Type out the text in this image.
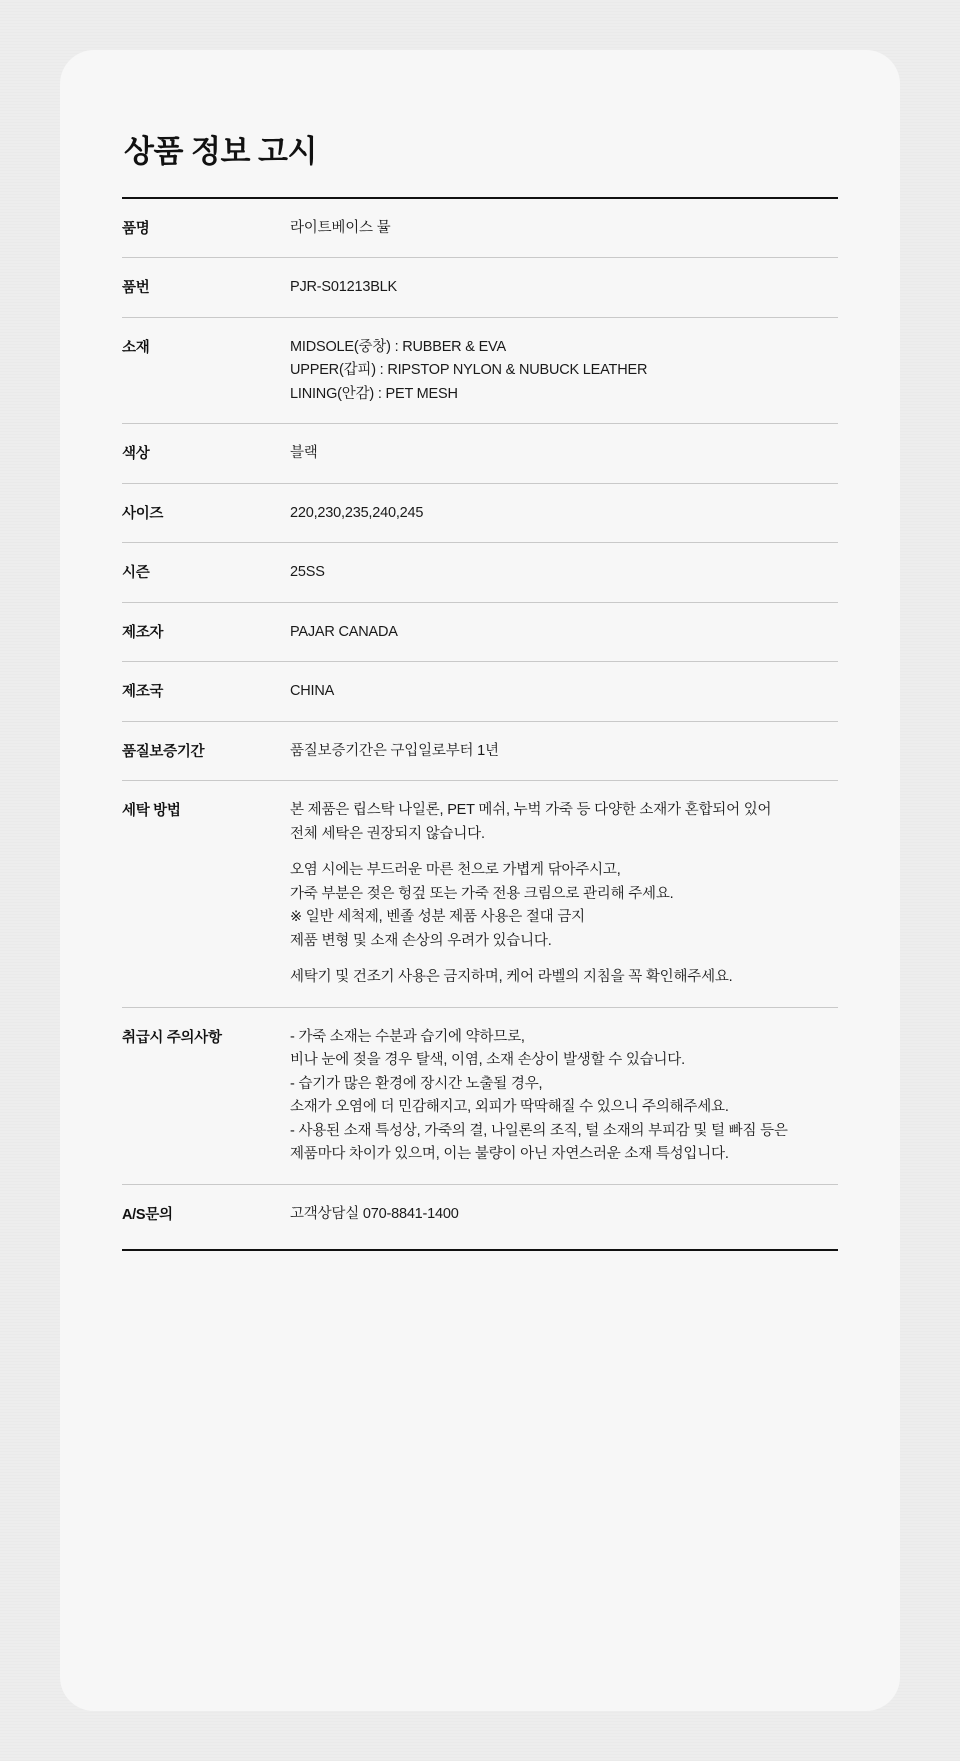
상품 정보 고시
품명	라이트베이스 뮬

품번	PJR-S01213BLK

소재	MIDSOLE(중창) : RUBBER & EVA
UPPER(갑피) : RIPSTOP NYLON & NUBUCK LEATHER
LINING(안감) : PET MESH

색상	블랙

사이즈	220,230,235,240,245

시즌	25SS

제조자	PAJAR CANADA

제조국	CHINA

품질보증기간	품질보증기간은 구입일로부터 1년

세탁 방법	본 제품은 립스탁 나일론, PET 메쉬, 누벅 가죽 등 다양한 소재가 혼합되어 있어
전체 세탁은 권장되지 않습니다.
오염 시에는 부드러운 마른 천으로 가볍게 닦아주시고,
가죽 부분은 젖은 헝겊 또는 가죽 전용 크림으로 관리해 주세요.
※ 일반 세척제, 벤졸 성분 제품 사용은 절대 금지
제품 변형 및 소재 손상의 우려가 있습니다.
세탁기 및 건조기 사용은 금지하며, 케어 라벨의 지침을 꼭 확인해주세요.

취급시 주의사항	- 가죽 소재는 수분과 습기에 약하므로,
비나 눈에 젖을 경우 탈색, 이염, 소재 손상이 발생할 수 있습니다.
- 습기가 많은 환경에 장시간 노출될 경우,
소재가 오염에 더 민감해지고, 외피가 딱딱해질 수 있으니 주의해주세요.
- 사용된 소재 특성상, 가죽의 결, 나일론의 조직, 털 소재의 부피감 및 털 빠짐 등은
제품마다 차이가 있으며, 이는 불량이 아닌 자연스러운 소재 특성입니다.

A/S문의	고객상담실 070-8841-1400
